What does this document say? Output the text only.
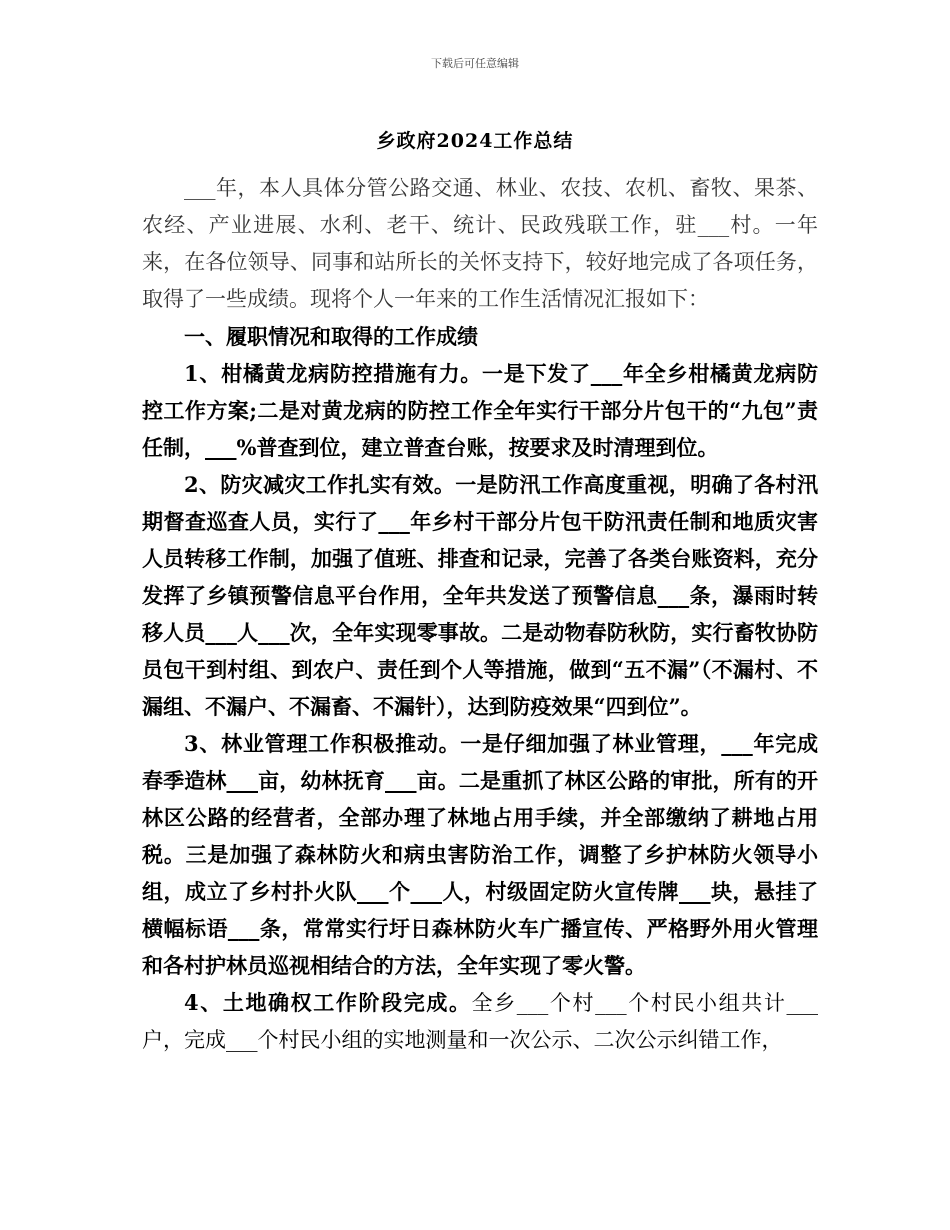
下载后可任意编辑
乡政府2024工作总结

___年，本人具体分管公路交通、林业、农技、农机、畜牧、果茶、农经、产业进展、水利、老干、统计、民政残联工作，驻___村。一年来，在各位领导、同事和站所长的关怀支持下，较好地完成了各项任务，取得了一些成绩。现将个人一年来的工作生活情况汇报如下：

一、履职情况和取得的工作成绩

1、柑橘黄龙病防控措施有力。一是下发了___年全乡柑橘黄龙病防控工作方案;二是对黄龙病的防控工作全年实行干部分片包干的“九包”责任制，___%普查到位，建立普查台账，按要求及时清理到位。

2、防灾减灾工作扎实有效。一是防汛工作高度重视，明确了各村汛期督查巡查人员，实行了___年乡村干部分片包干防汛责任制和地质灾害人员转移工作制，加强了值班、排查和记录，完善了各类台账资料，充分发挥了乡镇预警信息平台作用，全年共发送了预警信息___条，瀑雨时转移人员___人___次，全年实现零事故。二是动物春防秋防，实行畜牧协防员包干到村组、到农户、责任到个人等措施，做到“五不漏”（不漏村、不漏组、不漏户、不漏畜、不漏针），达到防疫效果“四到位”。

3、林业管理工作积极推动。一是仔细加强了林业管理，___年完成春季造林___亩，幼林抚育___亩。二是重抓了林区公路的审批，所有的开林区公路的经营者，全部办理了林地占用手续，并全部缴纳了耕地占用税。三是加强了森林防火和病虫害防治工作，调整了乡护林防火领导小组，成立了乡村扑火队___个___人，村级固定防火宣传牌___块，悬挂了横幅标语___条，常常实行圩日森林防火车广播宣传、严格野外用火管理和各村护林员巡视相结合的方法，全年实现了零火警。

4、土地确权工作阶段完成。全乡___个村___个村民小组共计___户，完成___个村民小组的实地测量和一次公示、二次公示纠错工作，
